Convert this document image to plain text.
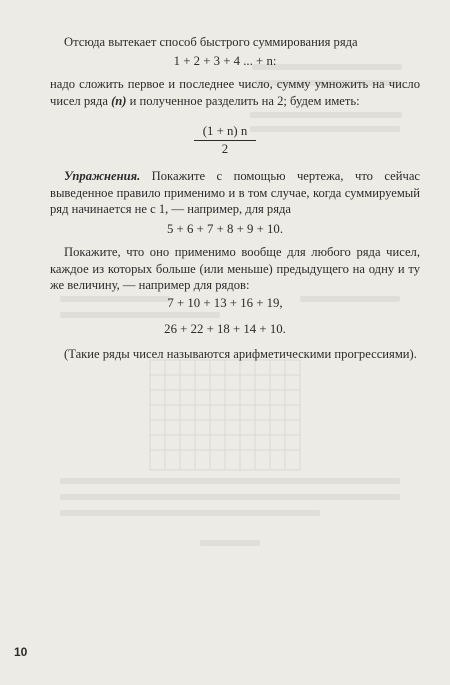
Отсюда вытекает способ быстрого суммирования ряда
1 + 2 + 3 + 4 ... + n:
надо сложить первое и последнее число, сумму умножить на число чисел ряда (n) и полученное разделить на 2; будем иметь:
$\frac{(1 + n) n}{2}$
Упражнения. Покажите с помощью чертежа, что сейчас выведенное правило применимо и в том случае, когда суммируемый ряд начинается не с 1, — например, для ряда
5 + 6 + 7 + 8 + 9 + 10.
Покажите, что оно применимо вообще для любого ряда чисел, каждое из которых больше (или меньше) предыдущего на одну и ту же величину, — например для рядов:
7 + 10 + 13 + 16 + 19,
26 + 22 + 18 + 14 + 10.
(Такие ряды чисел называются арифметическими прогрессиями).
10
